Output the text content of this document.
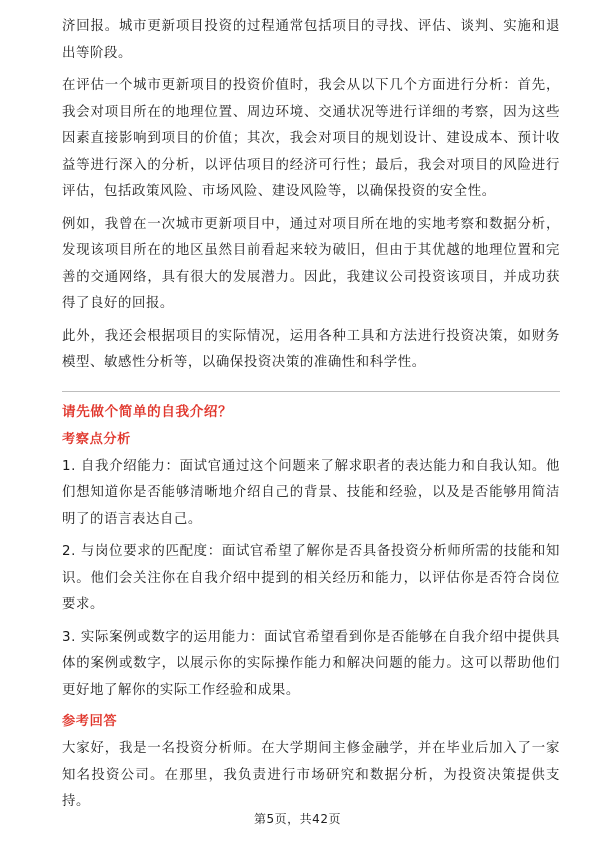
济回报。城市更新项目投资的过程通常包括项目的寻找、评估、谈判、实施和退出等阶段。

在评估一个城市更新项目的投资价值时，我会从以下几个方面进行分析：首先，我会对项目所在的地理位置、周边环境、交通状况等进行详细的考察，因为这些因素直接影响到项目的价值；其次，我会对项目的规划设计、建设成本、预计收益等进行深入的分析，以评估项目的经济可行性；最后，我会对项目的风险进行评估，包括政策风险、市场风险、建设风险等，以确保投资的安全性。

例如，我曾在一次城市更新项目中，通过对项目所在地的实地考察和数据分析，发现该项目所在的地区虽然目前看起来较为破旧，但由于其优越的地理位置和完善的交通网络，具有很大的发展潜力。因此，我建议公司投资该项目，并成功获得了良好的回报。

此外，我还会根据项目的实际情况，运用各种工具和方法进行投资决策，如财务模型、敏感性分析等，以确保投资决策的准确性和科学性。

请先做个简单的自我介绍？
考察点分析

1. 自我介绍能力：面试官通过这个问题来了解求职者的表达能力和自我认知。他们想知道你是否能够清晰地介绍自己的背景、技能和经验，以及是否能够用简洁明了的语言表达自己。

2. 与岗位要求的匹配度：面试官希望了解你是否具备投资分析师所需的技能和知识。他们会关注你在自我介绍中提到的相关经历和能力，以评估你是否符合岗位要求。

3. 实际案例或数字的运用能力：面试官希望看到你是否能够在自我介绍中提供具体的案例或数字，以展示你的实际操作能力和解决问题的能力。这可以帮助他们更好地了解你的实际工作经验和成果。

参考回答

大家好，我是一名投资分析师。在大学期间主修金融学，并在毕业后加入了一家知名投资公司。在那里，我负责进行市场研究和数据分析，为投资决策提供支持。

第5页，共42页
